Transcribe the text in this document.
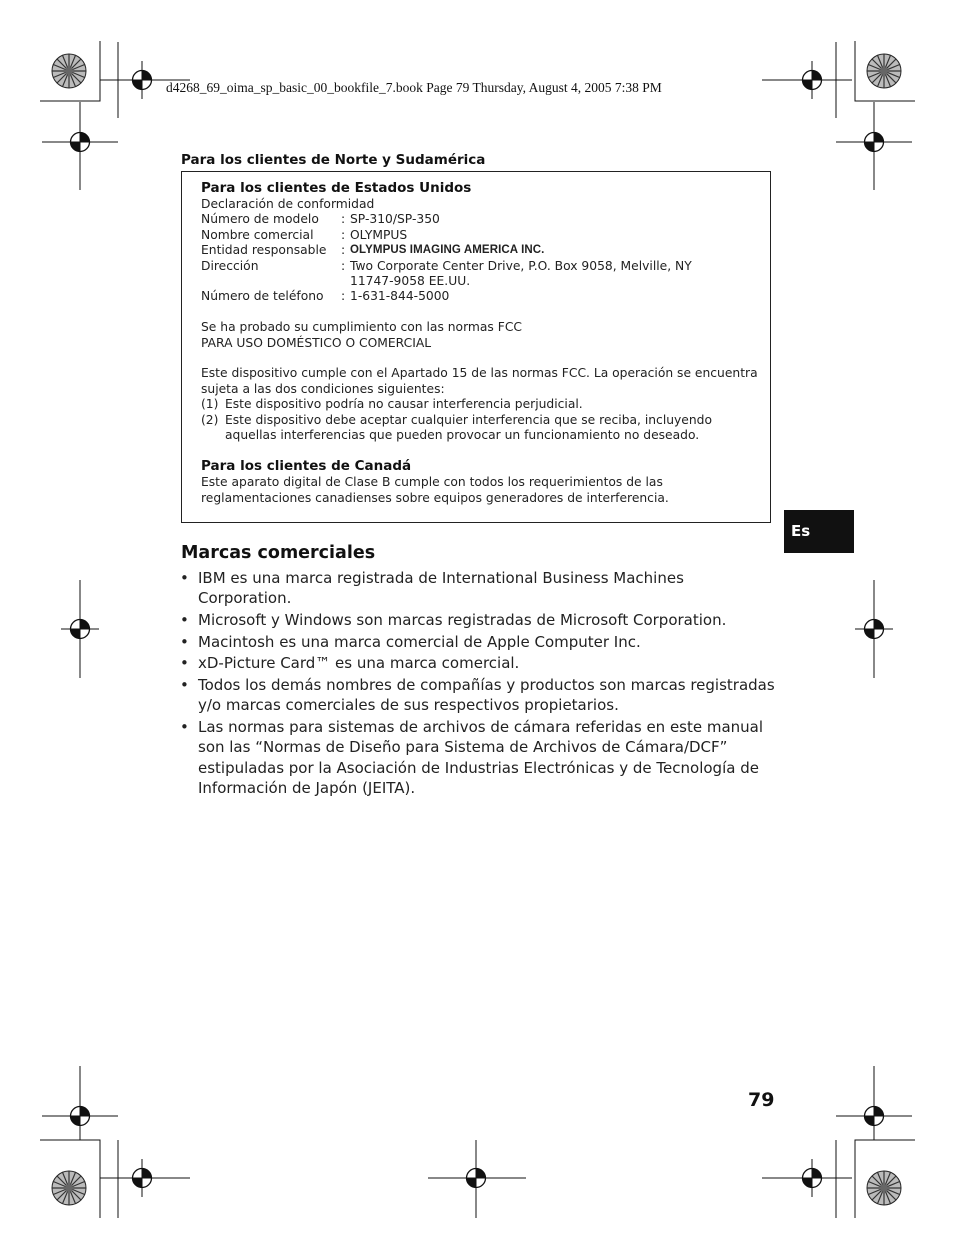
d4268_69_oima_sp_basic_00_bookfile_7.book Page 79 Thursday, August 4, 2005 7:38 PM
Para los clientes de Norte y Sudamérica
Para los clientes de Estados Unidos
Declaración de conformidad
Número de modelo	: SP-310/SP-350
Nombre comercial	: OLYMPUS
Entidad responsable	: OLYMPUS IMAGING AMERICA INC.
Dirección	: Two Corporate Center Drive, P.O. Box 9058, Melville, NY
11747-9058 EE.UU.
Número de teléfono	: 1-631-844-5000
Se ha probado su cumplimiento con las normas FCC
PARA USO DOMÉSTICO O COMERCIAL
Este dispositivo cumple con el Apartado 15 de las normas FCC. La operación se encuentra sujeta a las dos condiciones siguientes:
(1) Este dispositivo podría no causar interferencia perjudicial.
(2) Este dispositivo debe aceptar cualquier interferencia que se reciba, incluyendo aquellas interferencias que pueden provocar un funcionamiento no deseado.
Para los clientes de Canadá
Este aparato digital de Clase B cumple con todos los requerimientos de las reglamentaciones canadienses sobre equipos generadores de interferencia.
Es
Marcas comerciales
• IBM es una marca registrada de International Business Machines Corporation.
• Microsoft y Windows son marcas registradas de Microsoft Corporation.
• Macintosh es una marca comercial de Apple Computer Inc.
• xD-Picture Card™ es una marca comercial.
• Todos los demás nombres de compañías y productos son marcas registradas y/o marcas comerciales de sus respectivos propietarios.
• Las normas para sistemas de archivos de cámara referidas en este manual son las “Normas de Diseño para Sistema de Archivos de Cámara/DCF” estipuladas por la Asociación de Industrias Electrónicas y de Tecnología de Información de Japón (JEITA).
79
